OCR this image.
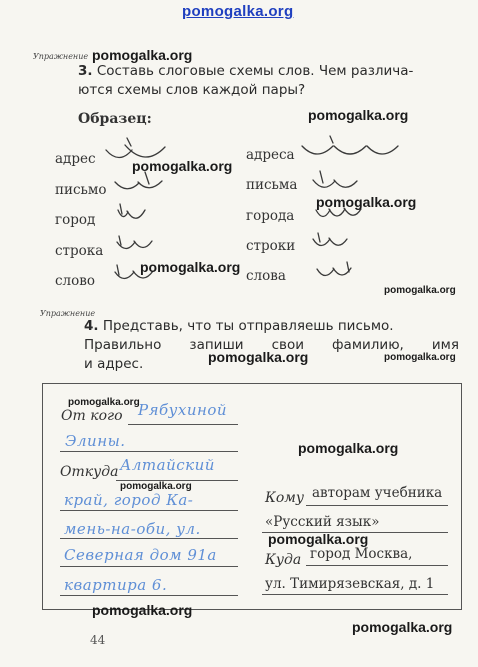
pomogalka.org
Упражнение pomogalka.org
3. Составь слоговые схемы слов. Чем различа-
ются схемы слов каждой пары?
pomogalka.org
Образец:
адрес
письмо
город
строка
слово
адреса
письма
города
строки
слова
pomogalka.org
pomogalka.org
pomogalka.org
pomogalka.org
Упражнение
4. Представь, что ты отправляешь письмо.
Правильно запиши свои фамилию, имя
и адрес.	pomogalka.org	pomogalka.org
pomogalka.org
От кого Рябухиной
Элины.
Откуда Алтайский
pomogalka.org
край, город Ка-
мень-на-оби, ул.
Северная дом 91а
квартира 6.
pomogalka.org
Кому авторам учебника
«Русский язык»
pomogalka.org
Куда город Москва,
ул. Тимирязевская, д. 1
pomogalka.org
44
pomogalka.org
